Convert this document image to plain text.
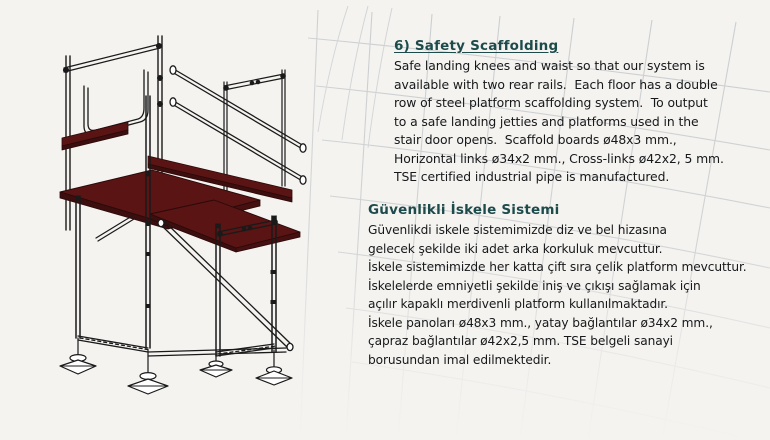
6) Safety Scaffolding

Safe landing knees and waist so that our system is
available with two rear rails.  Each floor has a double
row of steel platform scaffolding system.  To output
to a safe landing jetties and platforms used in the
stair door opens.  Scaffold boards ø48x3 mm.,
Horizontal links ø34x2 mm., Cross-links ø42x2, 5 mm.
TSE certified industrial pipe is manufactured.

Güvenlikli İskele Sistemi

Güvenlikdi iskele sistemimizde diz ve bel hizasına
gelecek şekilde iki adet arka korkuluk mevcuttur.
İskele sistemimizde her katta çift sıra çelik platform mevcuttur.
İskelelerde emniyetli şekilde iniş ve çıkışı sağlamak için
açılır kapaklı merdivenli platform kullanılmaktadır.
İskele panoları ø48x3 mm., yatay bağlantılar ø34x2 mm.,
çapraz bağlantılar ø42x2,5 mm. TSE belgeli sanayi
borusundan imal edilmektedir.
